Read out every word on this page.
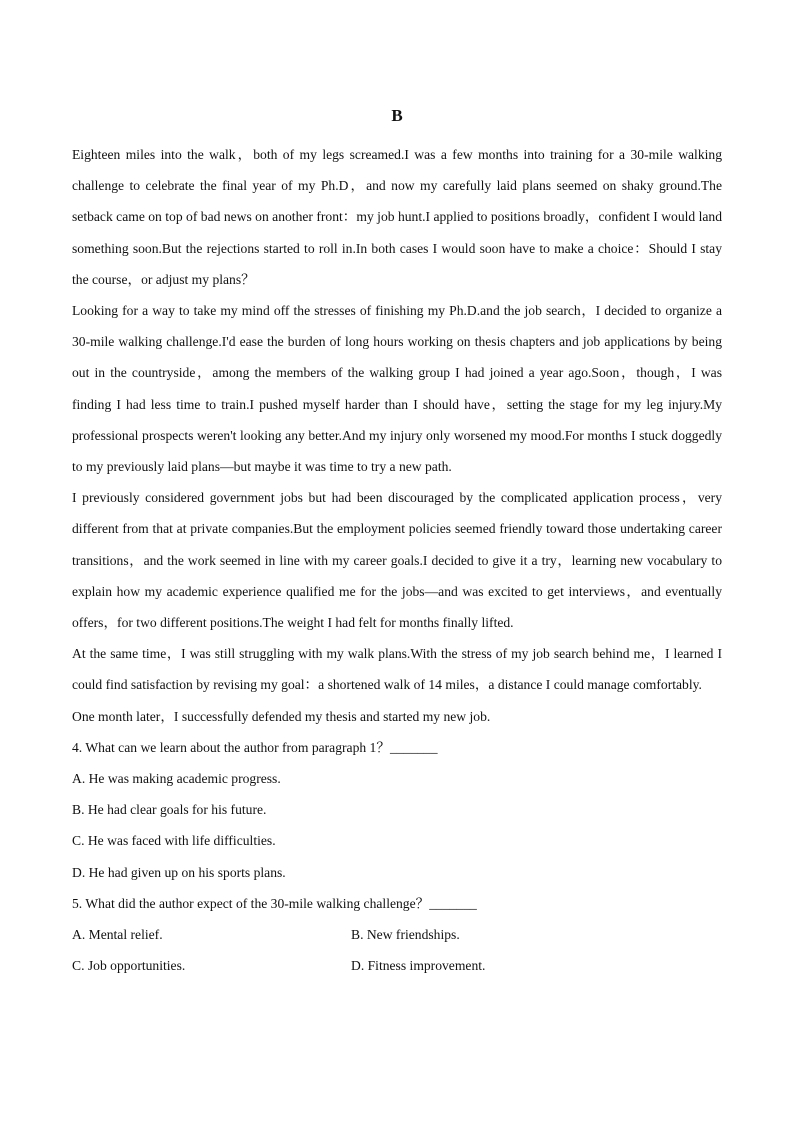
B

Eighteen miles into the walk，both of my legs screamed.I was a few months into training for a 30-mile walking challenge to celebrate the final year of my Ph.D，and now my carefully laid plans seemed on shaky ground.The setback came on top of bad news on another front：my job hunt.I applied to positions broadly，confident I would land something soon.But the rejections started to roll in.In both cases I would soon have to make a choice：Should I stay the course，or adjust my plans？

Looking for a way to take my mind off the stresses of finishing my Ph.D.and the job search，I decided to organize a 30-mile walking challenge.I'd ease the burden of long hours working on thesis chapters and job applications by being out in the countryside，among the members of the walking group I had joined a year ago.Soon，though，I was finding I had less time to train.I pushed myself harder than I should have，setting the stage for my leg injury.My professional prospects weren't looking any better.And my injury only worsened my mood.For months I stuck doggedly to my previously laid plans—but maybe it was time to try a new path.

I previously considered government jobs but had been discouraged by the complicated application process，very different from that at private companies.But the employment policies seemed friendly toward those undertaking career transitions，and the work seemed in line with my career goals.I decided to give it a try，learning new vocabulary to explain how my academic experience qualified me for the jobs—and was excited to get interviews，and eventually offers，for two different positions.The weight I had felt for months finally lifted.

At the same time，I was still struggling with my walk plans.With the stress of my job search behind me，I learned I could find satisfaction by revising my goal：a shortened walk of 14 miles，a distance I could manage comfortably.

One month later，I successfully defended my thesis and started my new job.

4. What can we learn about the author from paragraph 1？_______

A. He was making academic progress.

B. He had clear goals for his future.

C. He was faced with life difficulties.

D. He had given up on his sports plans.

5. What did the author expect of the 30-mile walking challenge？_______

A. Mental relief.	B. New friendships.
C. Job opportunities.	D. Fitness improvement.
